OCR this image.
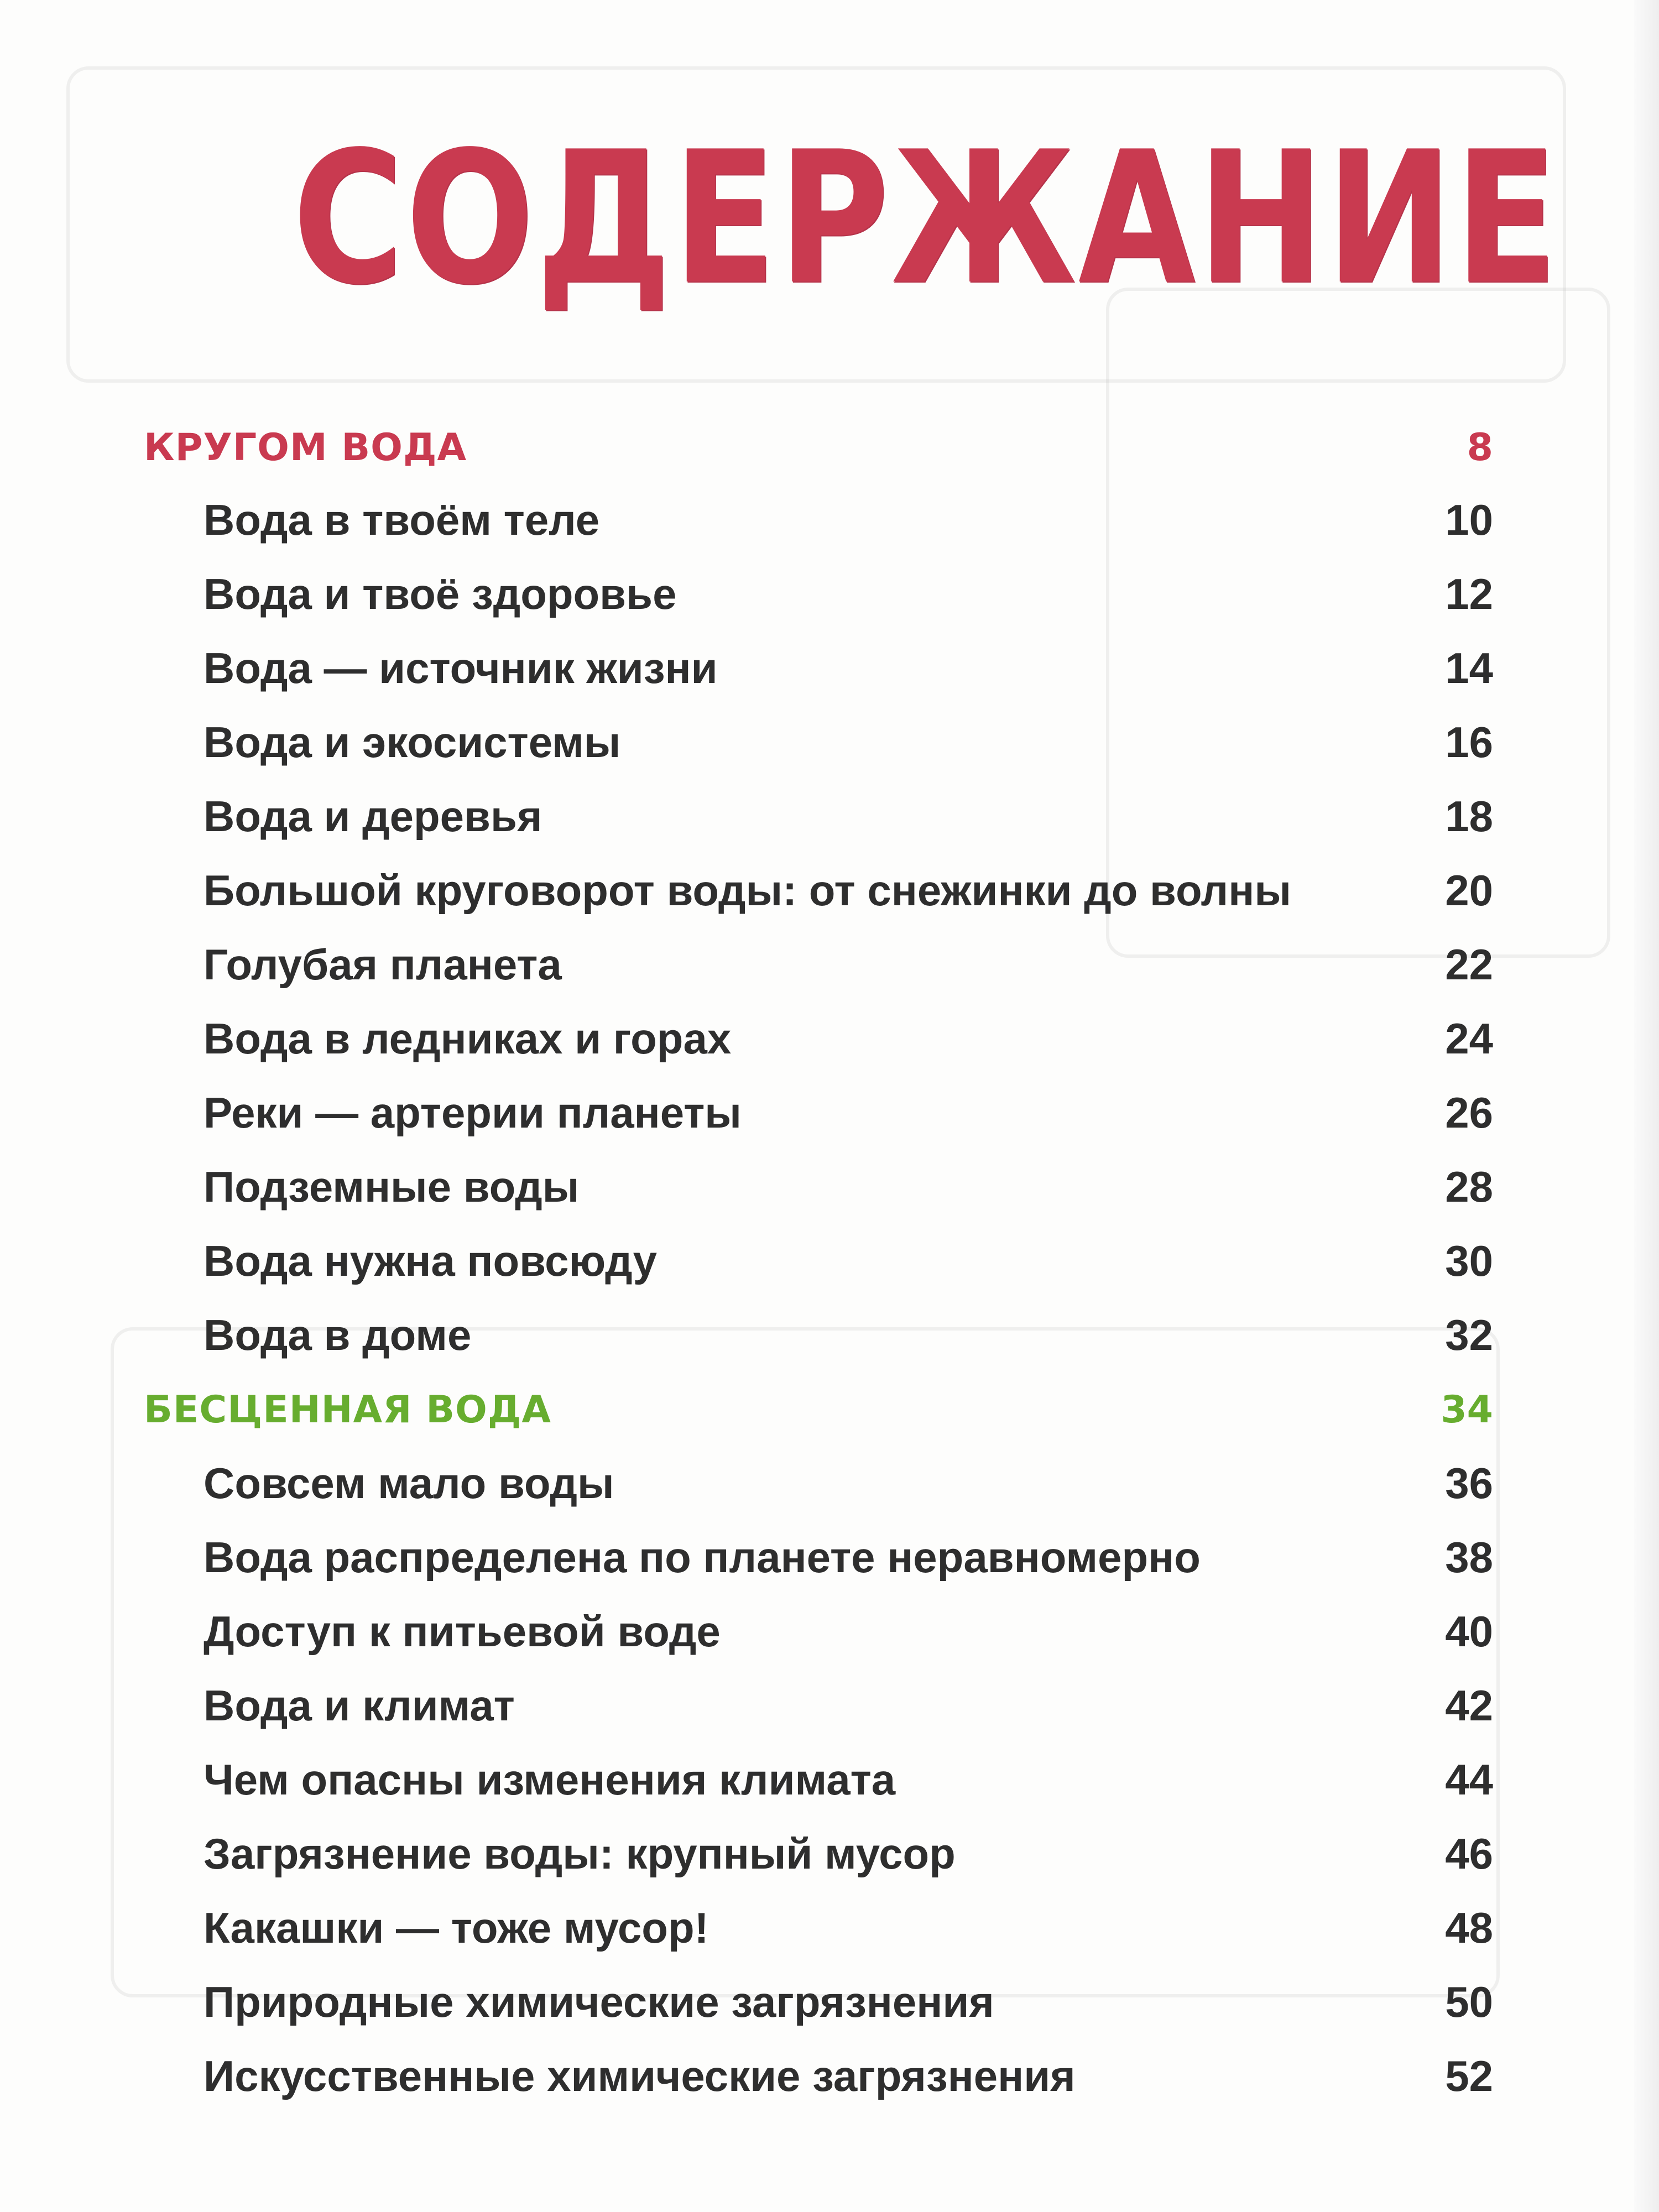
СОДЕРЖАНИЕ
КРУГОМ ВОДА	8
Вода в твоём теле	10
Вода и твоё здоровье	12
Вода — источник жизни	14
Вода и экосистемы	16
Вода и деревья	18
Большой круговорот воды: от снежинки до волны	20
Голубая планета	22
Вода в ледниках и горах	24
Реки — артерии планеты	26
Подземные воды	28
Вода нужна повсюду	30
Вода в доме	32
БЕСЦЕННАЯ ВОДА	34
Совсем мало воды	36
Вода распределена по планете неравномерно	38
Доступ к питьевой воде	40
Вода и климат	42
Чем опасны изменения климата	44
Загрязнение воды: крупный мусор	46
Какашки — тоже мусор!	48
Природные химические загрязнения	50
Искусственные химические загрязнения	52
